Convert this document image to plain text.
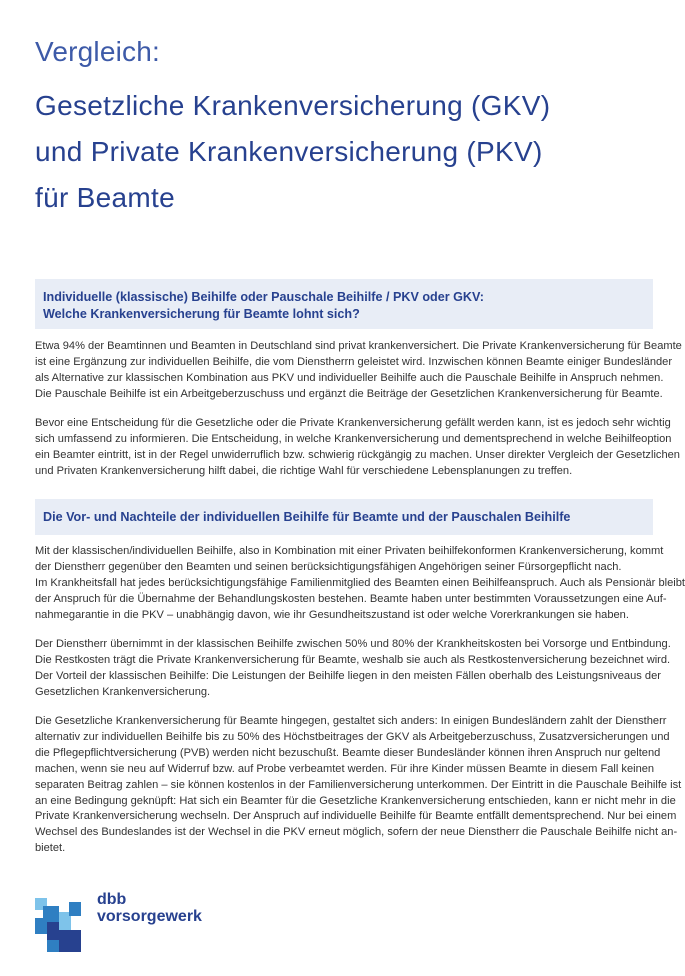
Vergleich:
Gesetzliche Krankenversicherung (GKV)
und Private Krankenversicherung (PKV)
für Beamte
Individuelle (klassische) Beihilfe oder Pauschale Beihilfe / PKV oder GKV:
Welche Krankenversicherung für Beamte lohnt sich?
Etwa 94% der Beamtinnen und Beamten in Deutschland sind privat krankenversichert. Die Private Krankenversicherung für Beamte
ist eine Ergänzung zur individuellen Beihilfe, die vom Dienstherrn geleistet wird. Inzwischen können Beamte einiger Bundesländer
als Alternative zur klassischen Kombination aus PKV und individueller Beihilfe auch die Pauschale Beihilfe in Anspruch nehmen.
Die Pauschale Beihilfe ist ein Arbeitgeberzuschuss und ergänzt die Beiträge der Gesetzlichen Krankenversicherung für Beamte.
Bevor eine Entscheidung für die Gesetzliche oder die Private Krankenversicherung gefällt werden kann, ist es jedoch sehr wichtig
sich umfassend zu informieren. Die Entscheidung, in welche Krankenversicherung und dementsprechend in welche Beihilfeoption
ein Beamter eintritt, ist in der Regel unwiderruflich bzw. schwierig rückgängig zu machen. Unser direkter Vergleich der Gesetzlichen
und Privaten Krankenversicherung hilft dabei, die richtige Wahl für verschiedene Lebensplanungen zu treffen.
Die Vor- und Nachteile der individuellen Beihilfe für Beamte und der Pauschalen Beihilfe
Mit der klassischen/individuellen Beihilfe, also in Kombination mit einer Privaten beihilfekonformen Krankenversicherung, kommt
der Dienstherr gegenüber den Beamten und seinen berücksichtigungsfähigen Angehörigen seiner Fürsorgepflicht nach.
Im Krankheitsfall hat jedes berücksichtigungsfähige Familienmitglied des Beamten einen Beihilfeanspruch. Auch als Pensionär bleibt
der Anspruch für die Übernahme der Behandlungskosten bestehen. Beamte haben unter bestimmten Voraussetzungen eine Auf-
nahmegarantie in die PKV – unabhängig davon, wie ihr Gesundheitszustand ist oder welche Vorerkrankungen sie haben.
Der Dienstherr übernimmt in der klassischen Beihilfe zwischen 50% und 80% der Krankheitskosten bei Vorsorge und Entbindung.
Die Restkosten trägt die Private Krankenversicherung für Beamte, weshalb sie auch als Restkostenversicherung bezeichnet wird.
Der Vorteil der klassischen Beihilfe: Die Leistungen der Beihilfe liegen in den meisten Fällen oberhalb des Leistungsniveaus der
Gesetzlichen Krankenversicherung.
Die Gesetzliche Krankenversicherung für Beamte hingegen, gestaltet sich anders: In einigen Bundesländern zahlt der Dienstherr
alternativ zur individuellen Beihilfe bis zu 50% des Höchstbeitrages der GKV als Arbeitgeberzuschuss, Zusatzversicherungen und
die Pflegepflichtversicherung (PVB) werden nicht bezuschußt. Beamte dieser Bundesländer können ihren Anspruch nur geltend
machen, wenn sie neu auf Widerruf bzw. auf Probe verbeamtet werden. Für ihre Kinder müssen Beamte in diesem Fall keinen
separaten Beitrag zahlen – sie können kostenlos in der Familienversicherung unterkommen. Der Eintritt in die Pauschale Beihilfe ist
an eine Bedingung geknüpft: Hat sich ein Beamter für die Gesetzliche Krankenversicherung entschieden, kann er nicht mehr in die
Private Krankenversicherung wechseln. Der Anspruch auf individuelle Beihilfe für Beamte entfällt dementsprechend. Nur bei einem
Wechsel des Bundeslandes ist der Wechsel in die PKV erneut möglich, sofern der neue Dienstherr die Pauschale Beihilfe nicht an-
bietet.
dbb
vorsorgewerk
